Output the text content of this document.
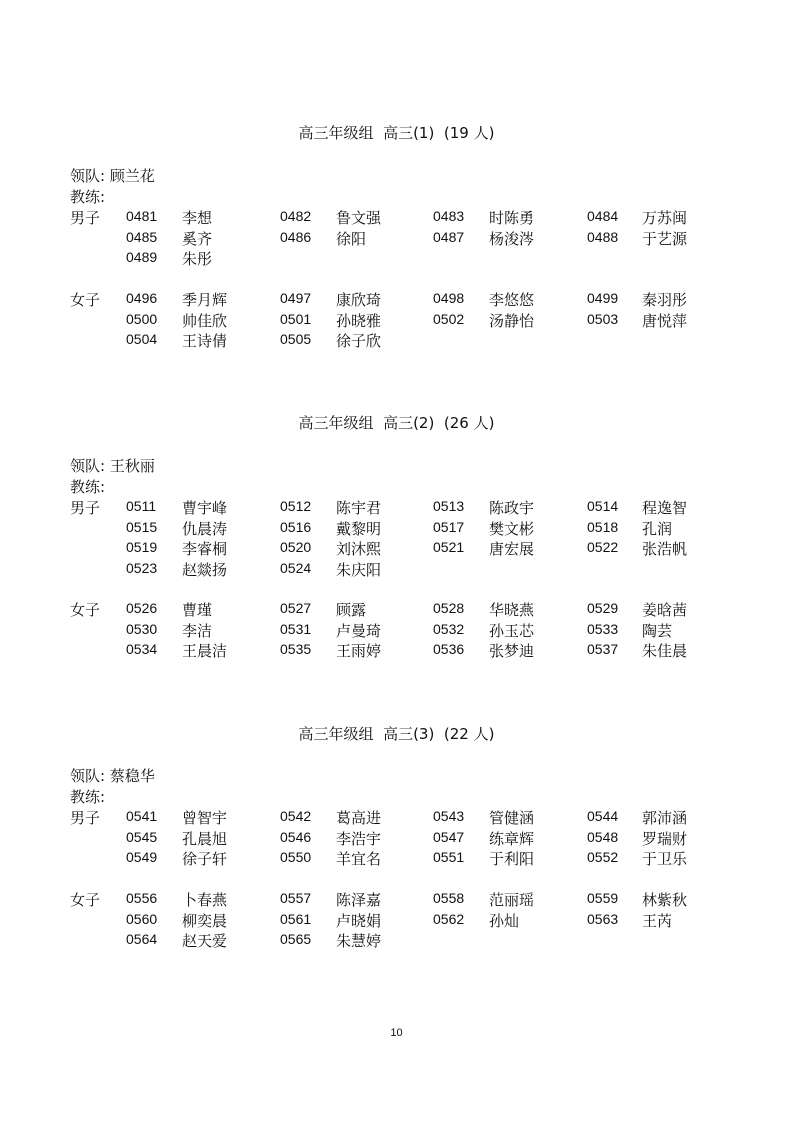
高三年级组  高三(1)  (19 人)
领队: 顾兰花
教练:
男子 0481 李想	0482 鲁文强	0483 时陈勇	0484 万苏闽
0485 奚齐	0486 徐阳	0487 杨浚涔	0488 于艺源
0489 朱彤
女子 0496 季月辉	0497 康欣琦	0498 李悠悠	0499 秦羽彤
0500 帅佳欣	0501 孙晓雅	0502 汤静怡	0503 唐悦萍
0504 王诗倩	0505 徐子欣
高三年级组  高三(2)  (26 人)
领队: 王秋丽
教练:
男子 0511 曹宇峰	0512 陈宇君	0513 陈政宇	0514 程逸智
0515 仇晨涛	0516 戴黎明	0517 樊文彬	0518 孔润
0519 李睿桐	0520 刘沐熙	0521 唐宏展	0522 张浩帆
0523 赵燚扬	0524 朱庆阳
女子 0526 曹瑾	0527 顾露	0528 华晓燕	0529 姜晗茜
0530 李洁	0531 卢曼琦	0532 孙玉芯	0533 陶芸
0534 王晨洁	0535 王雨婷	0536 张梦迪	0537 朱佳晨
高三年级组  高三(3)  (22 人)
领队: 蔡稳华
教练:
男子 0541 曾智宇	0542 葛高进	0543 管健涵	0544 郭沛涵
0545 孔晨旭	0546 李浩宇	0547 练章辉	0548 罗瑞财
0549 徐子轩	0550 羊宜名	0551 于利阳	0552 于卫乐
女子 0556 卜春燕	0557 陈泽嘉	0558 范丽瑶	0559 林紫秋
0560 柳奕晨	0561 卢晓娟	0562 孙灿	0563 王芮
0564 赵天爱	0565 朱慧婷
10
